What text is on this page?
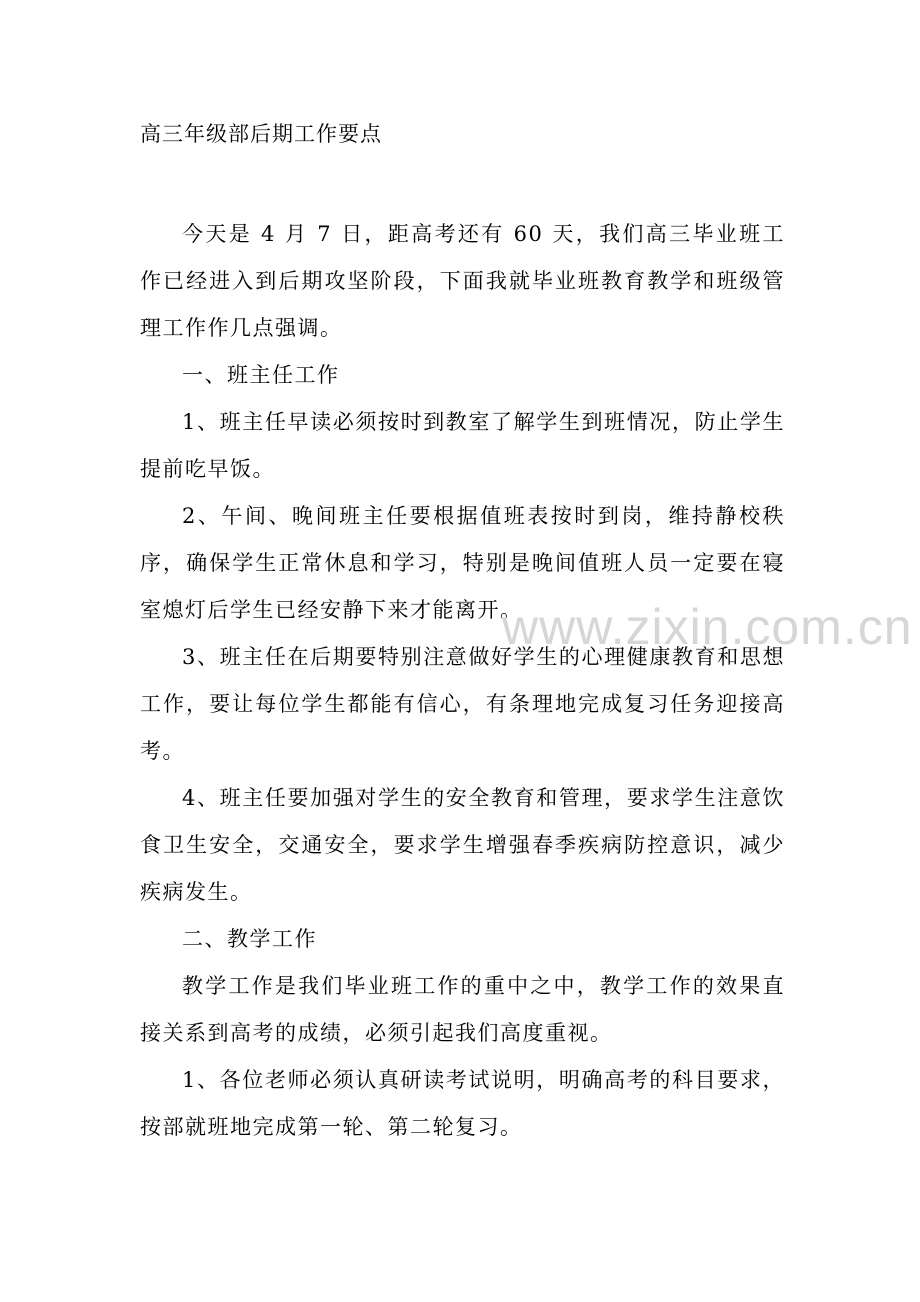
高三年级部后期工作要点

今天是 4 月 7 日，距高考还有 60 天，我们高三毕业班工作已经进入到后期攻坚阶段，下面我就毕业班教育教学和班级管理工作作几点强调。

一、班主任工作

1、班主任早读必须按时到教室了解学生到班情况，防止学生提前吃早饭。

2、午间、晚间班主任要根据值班表按时到岗，维持静校秩序，确保学生正常休息和学习，特别是晚间值班人员一定要在寝室熄灯后学生已经安静下来才能离开。

3、班主任在后期要特别注意做好学生的心理健康教育和思想工作，要让每位学生都能有信心，有条理地完成复习任务迎接高考。

4、班主任要加强对学生的安全教育和管理，要求学生注意饮食卫生安全，交通安全，要求学生增强春季疾病防控意识，减少疾病发生。

二、教学工作

教学工作是我们毕业班工作的重中之中，教学工作的效果直接关系到高考的成绩，必须引起我们高度重视。

1、各位老师必须认真研读考试说明，明确高考的科目要求，按部就班地完成第一轮、第二轮复习。

www.zixin.com.cn
